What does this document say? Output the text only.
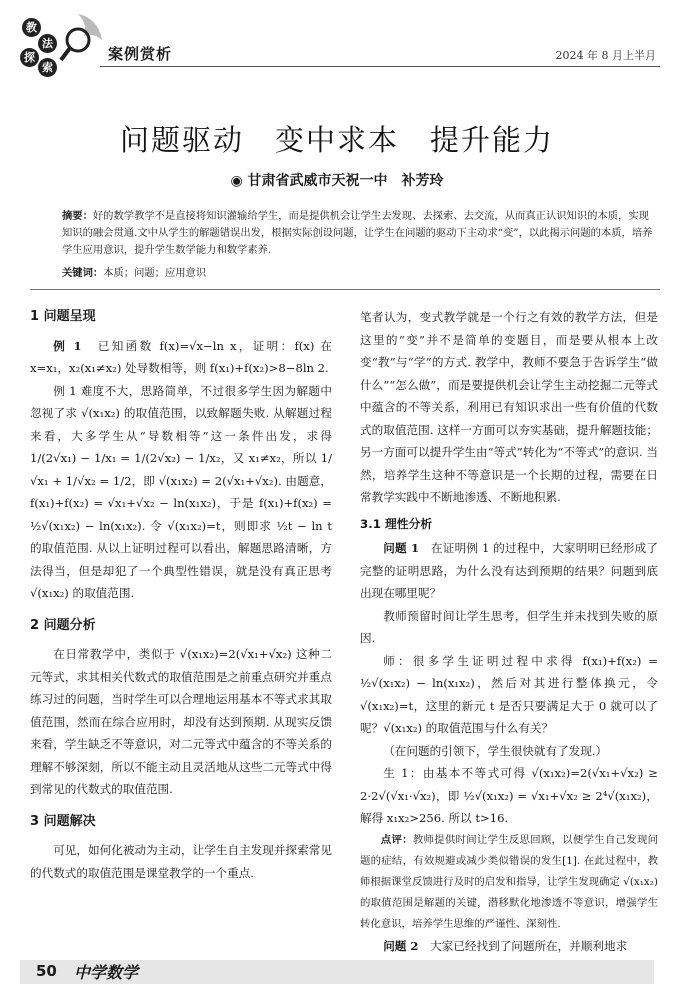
教
法
探
索
案例赏析	2024 年 8 月上半月
问题驱动　变中求本　提升能力
◉ 甘肃省武威市天祝一中　补芳玲
摘要：好的数学教学不是直接将知识灌输给学生，而是提供机会让学生去发现、去探索、去交流，从而真正认识知识的本质，实现知识的融会贯通.文中从学生的解题错误出发，根据实际创设问题，让学生在问题的驱动下主动求“变”，以此揭示问题的本质，培养学生应用意识，提升学生数学能力和数学素养.
关键词：本质；问题；应用意识
1 问题呈现

例 1　 已知函数 f(x)=√x−ln x，证明：f(x) 在 x=x₁，x₂(x₁≠x₂) 处导数相等，则 f(x₁)+f(x₂)>8−8ln 2.

例 1 难度不大，思路简单，不过很多学生因为解题中忽视了求 √(x₁x₂) 的取值范围，以致解题失败. 从解题过程来看，大多学生从“导数相等”这一条件出发，求得 1/(2√x₁) − 1/x₁ = 1/(2√x₂) − 1/x₂，又 x₁≠x₂，所以 1/√x₁ + 1/√x₂ = 1/2，即 √(x₁x₂) = 2(√x₁+√x₂). 由题意，f(x₁)+f(x₂) = √x₁+√x₂ − ln(x₁x₂)，于是 f(x₁)+f(x₂) = ½√(x₁x₂) − ln(x₁x₂). 令 √(x₁x₂)=t，则即求 ½t − ln t 的取值范围. 从以上证明过程可以看出，解题思路清晰，方法得当，但是却犯了一个典型性错误，就是没有真正思考 √(x₁x₂) 的取值范围.

2 问题分析

在日常教学中，类似于 √(x₁x₂)=2(√x₁+√x₂) 这种二元等式，求其相关代数式的取值范围是之前重点研究并重点练习过的问题，当时学生可以合理地运用基本不等式求其取值范围，然而在综合应用时，却没有达到预期. 从现实反馈来看，学生缺乏不等意识，对二元等式中蕴含的不等关系的理解不够深刻，所以不能主动且灵活地从这些二元等式中得到常见的代数式的取值范围.

3 问题解决

可见，如何化被动为主动，让学生自主发现并探索常见的代数式的取值范围是课堂教学的一个重点.

笔者认为，变式教学就是一个行之有效的教学方法，但是这里的“变”并不是简单的变题目，而是要从根本上改变“教”与“学”的方式. 教学中，教师不要急于告诉学生“做什么”“怎么做”，而是要提供机会让学生主动挖掘二元等式中蕴含的不等关系，利用已有知识求出一些有价值的代数式的取值范围. 这样一方面可以夯实基础，提升解题技能；另一方面可以提升学生由“等式”转化为“不等式”的意识. 当然，培养学生这种不等意识是一个长期的过程，需要在日常教学实践中不断地渗透、不断地积累.

3.1 理性分析

问题 1　 在证明例 1 的过程中，大家明明已经形成了完整的证明思路，为什么没有达到预期的结果？问题到底出现在哪里呢？

教师预留时间让学生思考，但学生并未找到失败的原因.

师：很多学生证明过程中求得 f(x₁)+f(x₂) = ½√(x₁x₂) − ln(x₁x₂)，然后对其进行整体换元，令 √(x₁x₂)=t，这里的新元 t 是否只要满足大于 0 就可以了呢？√(x₁x₂) 的取值范围与什么有关？

（在问题的引领下，学生很快就有了发现.）

生 1：由基本不等式可得 √(x₁x₂)=2(√x₁+√x₂) ≥ 2·2√(√x₁·√x₂)，即 ½√(x₁x₂) = √x₁+√x₂ ≥ 2⁴√(x₁x₂)，解得 x₁x₂>256. 所以 t>16.

点评：教师提供时间让学生反思回顾，以便学生自己发现问题的症结，有效规避或减少类似错误的发生[1]. 在此过程中，教师根据课堂反馈进行及时的启发和指导，让学生发现确定 √(x₁x₂) 的取值范围是解题的关键，潜移默化地渗透不等意识，增强学生转化意识，培养学生思维的严谨性、深刻性.

问题 2　 大家已经找到了问题所在，并顺利地求

50 中学数学
